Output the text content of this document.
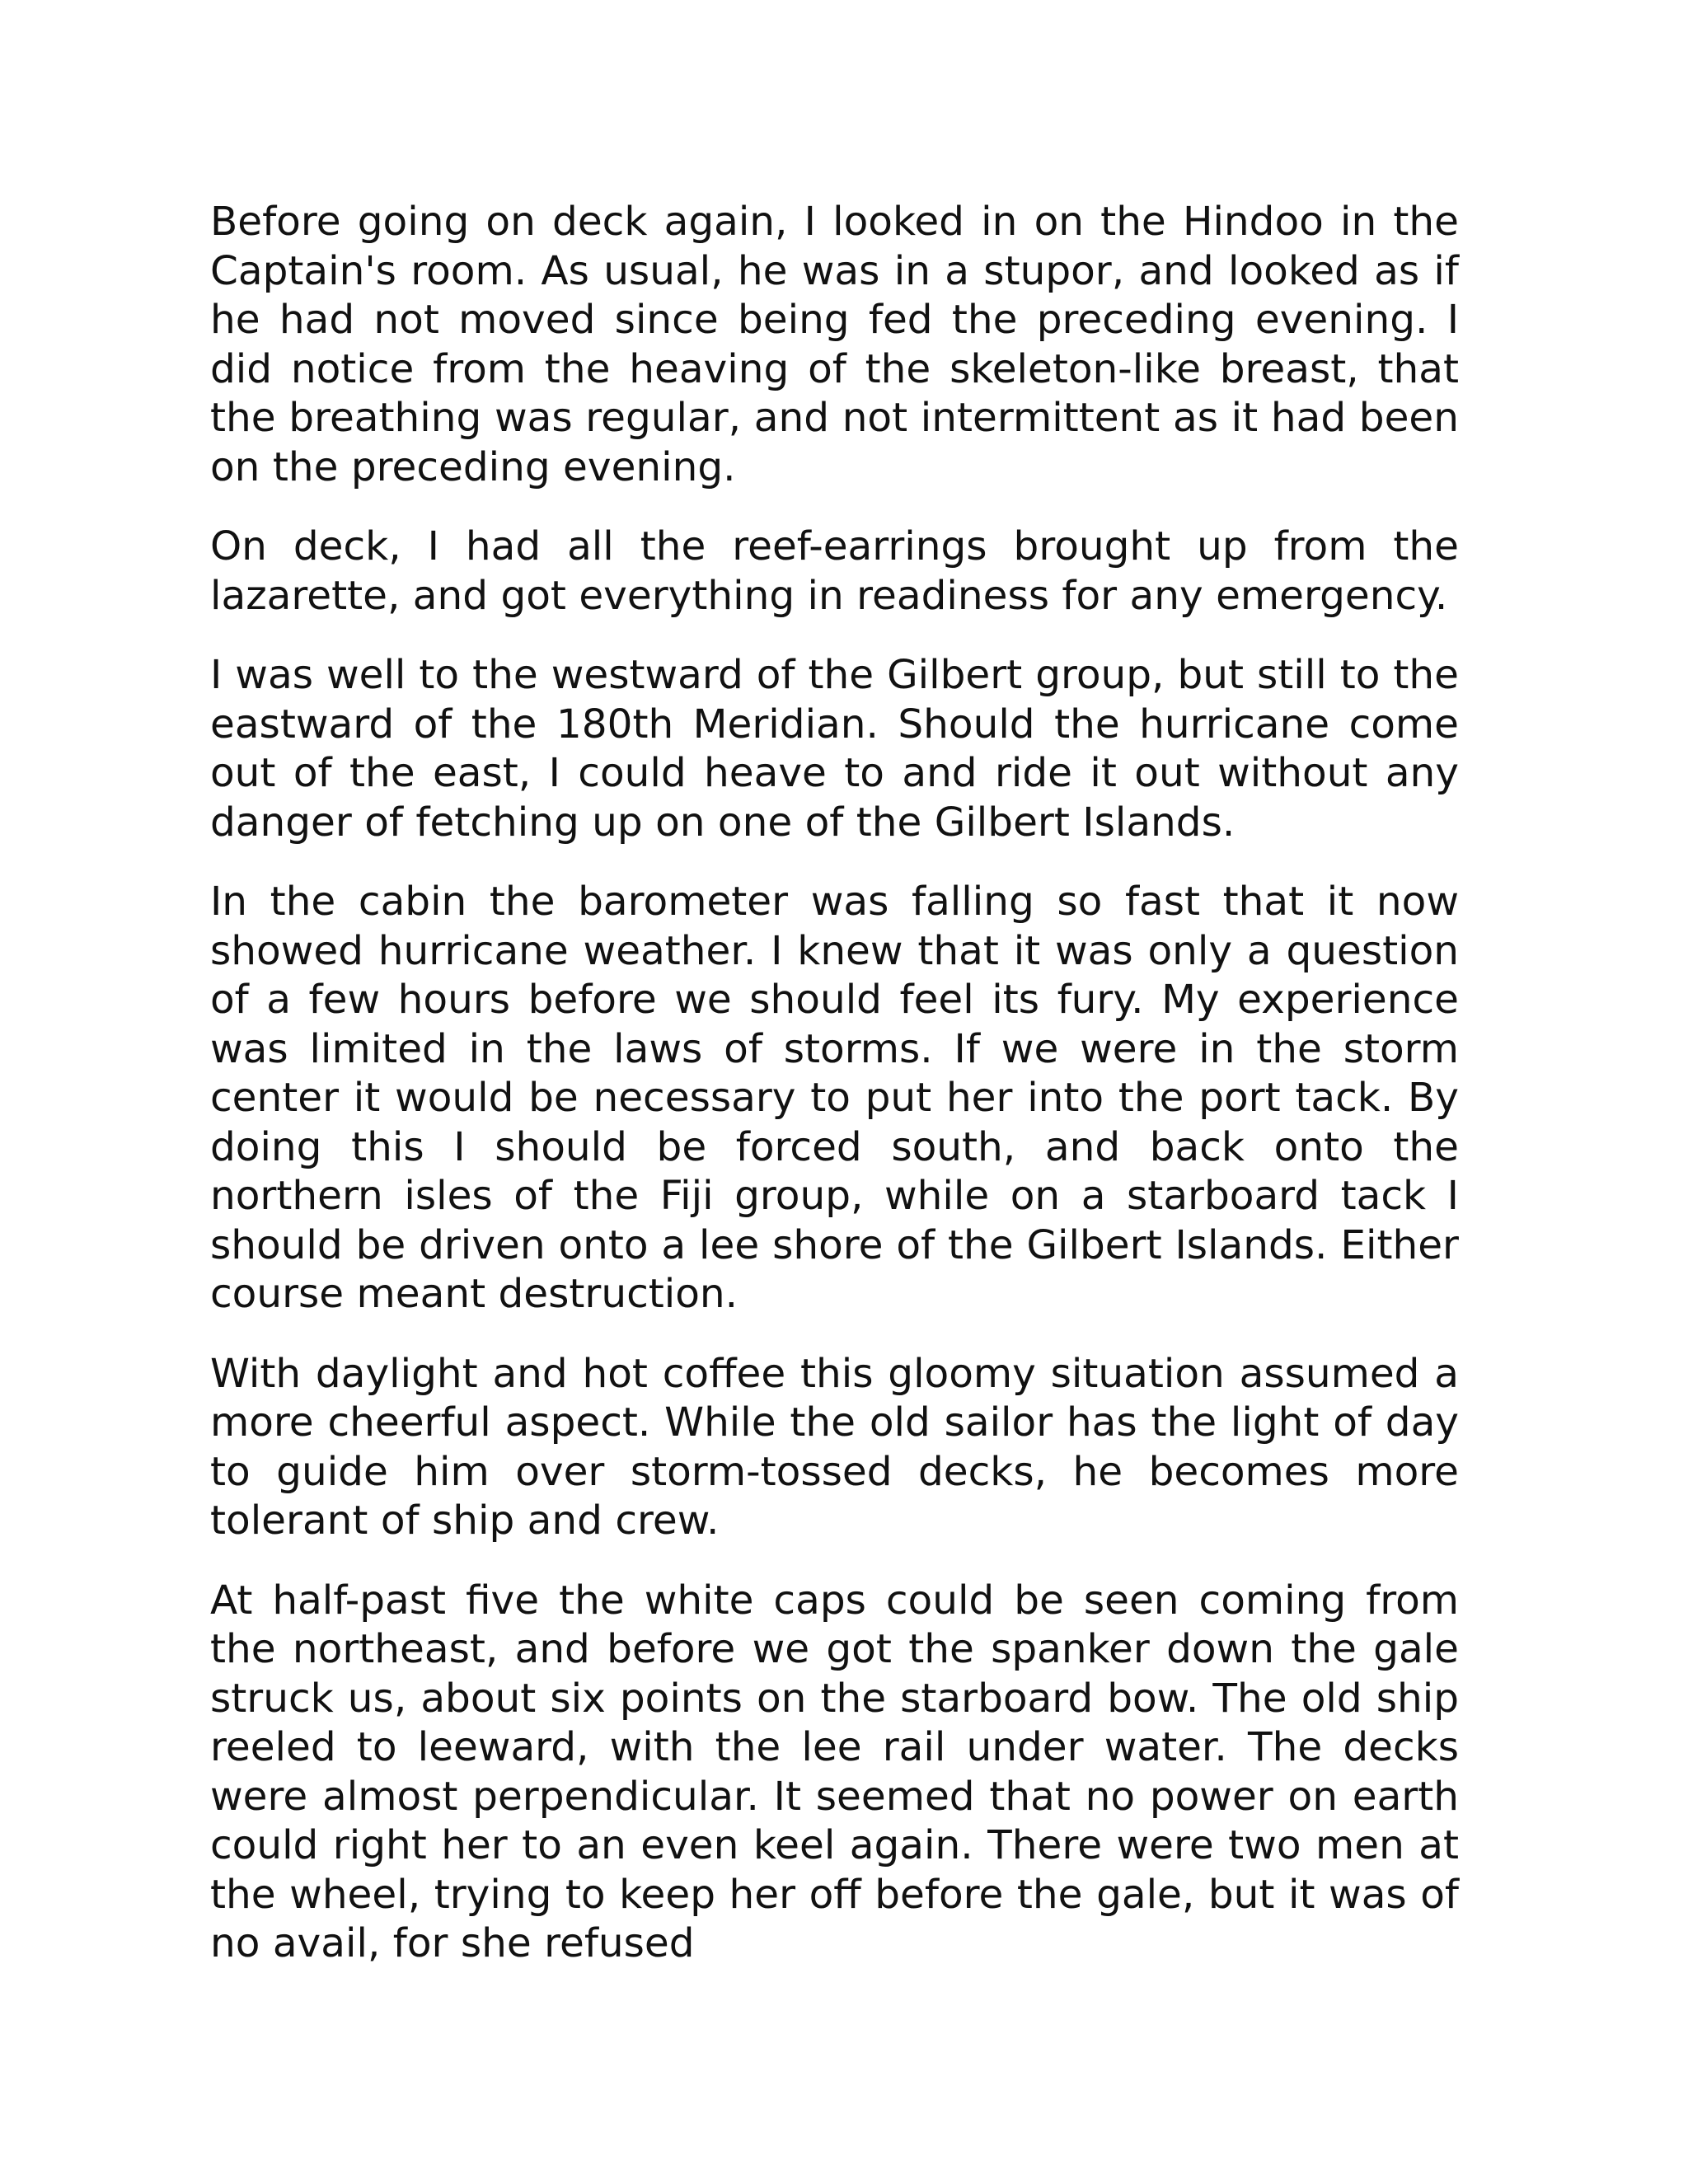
Before going on deck again, I looked in on the Hindoo in the Captain's room. As usual, he was in a stupor, and looked as if he had not moved since being fed the preceding evening. I did notice from the heaving of the skeleton-like breast, that the breathing was regular, and not intermittent as it had been on the preceding evening.

On deck, I had all the reef-earrings brought up from the lazarette, and got everything in readiness for any emergency.

I was well to the westward of the Gilbert group, but still to the eastward of the 180th Meridian. Should the hurricane come out of the east, I could heave to and ride it out without any danger of fetching up on one of the Gilbert Islands.

In the cabin the barometer was falling so fast that it now showed hurricane weather. I knew that it was only a question of a few hours before we should feel its fury. My experience was limited in the laws of storms. If we were in the storm center it would be necessary to put her into the port tack. By doing this I should be forced south, and back onto the northern isles of the Fiji group, while on a starboard tack I should be driven onto a lee shore of the Gilbert Islands. Either course meant destruction.

With daylight and hot coffee this gloomy situation assumed a more cheerful aspect. While the old sailor has the light of day to guide him over storm-tossed decks, he becomes more tolerant of ship and crew.

At half-past five the white caps could be seen coming from the northeast, and before we got the spanker down the gale struck us, about six points on the starboard bow. The old ship reeled to leeward, with the lee rail under water. The decks were almost perpendicular. It seemed that no power on earth could right her to an even keel again. There were two men at the wheel, trying to keep her off before the gale, but it was of no avail, for she refused
